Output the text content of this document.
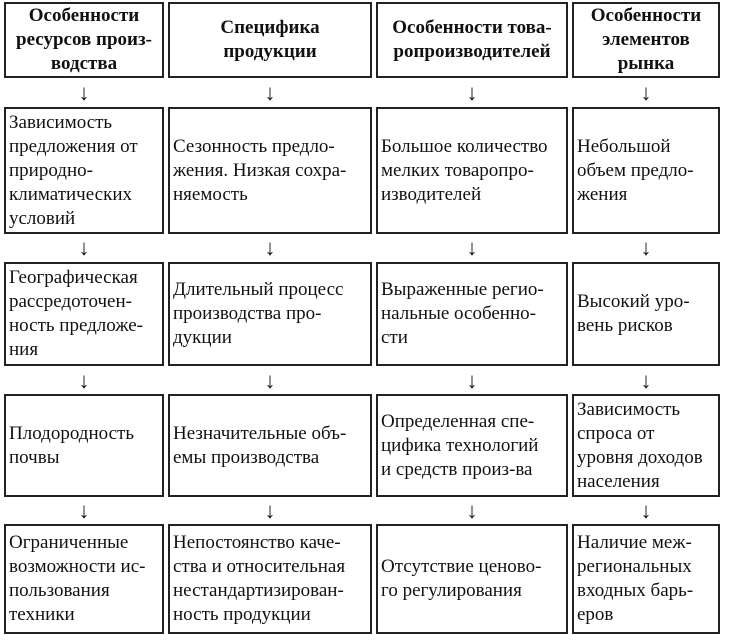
Особенности
ресурсов произ-
водства
↓
Зависимость
предложения от
природно-
климатических
условий
↓
Географическая
рассредоточен-
ность предложе-
ния
↓
Плодородность
почвы
↓
Ограниченные
возможности ис-
пользования
техники
Специфика
продукции
↓
Сезонность предло-
жения. Низкая сохра-
няемость
↓
Длительный процесс
производства про-
дукции
↓
Незначительные объ-
емы производства
↓
Непостоянство каче-
ства и относительная
нестандартизирован-
ность продукции
Особенности това-
ропроизводителей
↓
Большое количество
мелких товаропро-
изводителей
↓
Выраженные регио-
нальные особенно-
сти
↓
Определенная спе-
цифика технологий
и средств произ-ва
↓
Отсутствие ценово-
го регулирования
Особенности
элементов
рынка
↓
Небольшой
объем предло-
жения
↓
Высокий уро-
вень рисков
↓
Зависимость
спроса от
уровня доходов
населения
↓
Наличие меж-
региональных
входных барь-
еров
